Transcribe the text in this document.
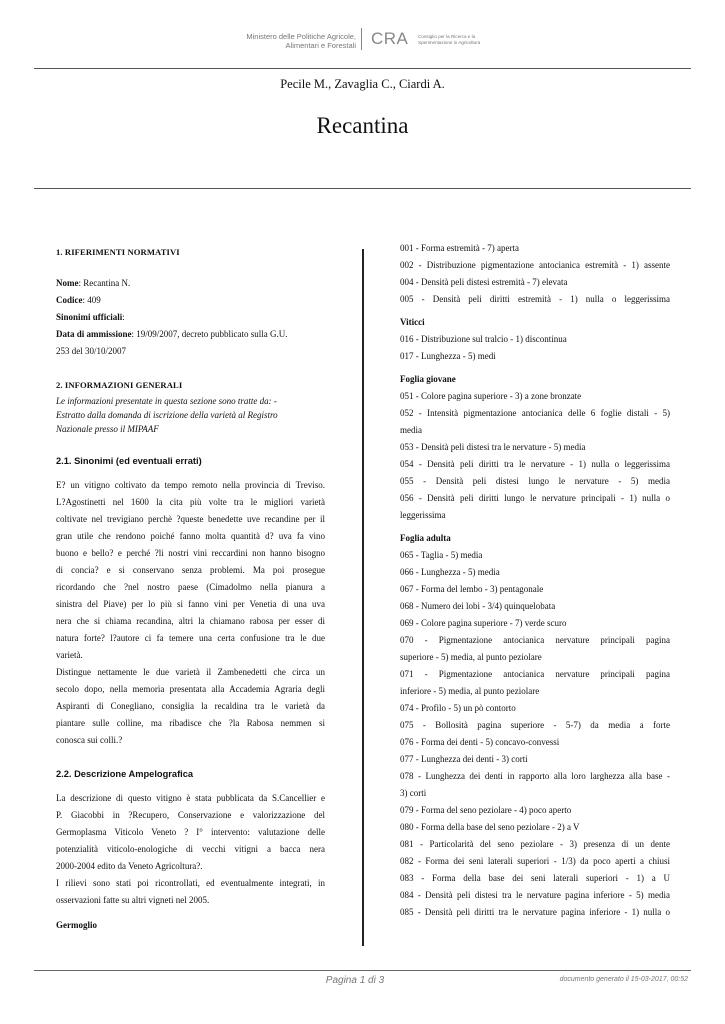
Ministero delle Politiche Agricole,
Alimentari e Forestali CRA Consiglio per la Ricerca e la
Sperimentazione in Agricoltura
Pecile M., Zavaglia C., Ciardi A.
Recantina
1. RIFERIMENTI NORMATIVI

Nome: Recantina N.

Codice: 409

Sinonimi ufficiali:

Data di ammissione: 19/09/2007, decreto pubblicato sulla G.U.

253 del 30/10/2007

2. INFORMAZIONI GENERALI
Le informazioni presentate in questa sezione sono tratte da: -
Estratto dalla domanda di iscrizione della varietà al Registro
Nazionale presso il MIPAAF
2.1. Sinonimi (ed eventuali errati)
E? un vitigno coltivato da tempo remoto nella provincia di Treviso.
L?Agostinetti nel 1600 la cita più volte tra le migliori varietà
coltivate nel trevigiano perchè ?queste benedette uve recandine per il
gran utile che rendono poiché fanno molta quantità d? uva fa vino
buono e bello? e perché ?li nostri vini reccardini non hanno bisogno
di concia? e si conservano senza problemi. Ma poi prosegue
ricordando che ?nel nostro paese (Cimadolmo nella pianura a
sinistra del Piave) per lo più si fanno vini per Venetia di una uva
nera che si chiama recandina, altri la chiamano rabosa per esser di
natura forte? l?autore ci fa temere una certa confusione tra le due
varietà.
Distingue nettamente le due varietà il Zambenedetti che circa un
secolo dopo, nella memoria presentata alla Accademia Agraria degli
Aspiranti di Conegliano, consiglia la recaldina tra le varietà da
piantare sulle colline, ma ribadisce che ?la Rabosa nemmen si
conosca sui colli.?
2.2. Descrizione Ampelografica
La descrizione di questo vitigno è stata pubblicata da S.Cancellier e
P. Giacobbi in ?Recupero, Conservazione e valorizzazione del
Germoplasma Viticolo Veneto ? I° intervento: valutazione delle
potenzialità viticolo-enologiche di vecchi vitigni a bacca nera
2000-2004 edito da Veneto Agricoltura?.
I rilievi sono stati poi ricontrollati, ed eventualmente integrati, in
osservazioni fatte su altri vigneti nel 2005.
Germoglio
001 - Forma estremità - 7) aperta
002 - Distribuzione pigmentazione antocianica estremità - 1) assente
004 - Densità peli distesi estremità - 7) elevata
005 - Densità peli diritti estremità - 1) nulla o leggerissima
Viticci
016 - Distribuzione sul tralcio - 1) discontinua
017 - Lunghezza - 5) medi
Foglia giovane
051 - Colore pagina superiore - 3) a zone bronzate
052 - Intensità pigmentazione antocianica delle 6 foglie distali - 5)
media
053 - Densità peli distesi tra le nervature - 5) media
054 - Densità peli diritti tra le nervature - 1) nulla o leggerissima
055 - Densità peli distesi lungo le nervature - 5) media
056 - Densità peli diritti lungo le nervature principali - 1) nulla o
leggerissima
Foglia adulta
065 - Taglia - 5) media
066 - Lunghezza - 5) media
067 - Forma del lembo - 3) pentagonale
068 - Numero dei lobi - 3/4) quinquelobata
069 - Colore pagina superiore - 7) verde scuro
070 - Pigmentazione antocianica nervature principali pagina
superiore - 5) media, al punto peziolare
071 - Pigmentazione antocianica nervature principali pagina
inferiore - 5) media, al punto peziolare
074 - Profilo - 5) un pò contorto
075 - Bollosità pagina superiore - 5-7) da media a forte
076 - Forma dei denti - 5) concavo-convessi
077 - Lunghezza dei denti - 3) corti
078 - Lunghezza dei denti in rapporto alla loro larghezza alla base -
3) corti
079 - Forma del seno peziolare - 4) poco aperto
080 - Forma della base del seno peziolare - 2) a V
081 - Particolarità del seno peziolare - 3) presenza di un dente
082 - Forma dei seni laterali superiori - 1/3) da poco aperti a chiusi
083 - Forma della base dei seni laterali superiori - 1) a U
084 - Densità peli distesi tra le nervature pagina inferiore - 5) media
085 - Densità peli diritti tra le nervature pagina inferiore - 1) nulla o
Pagina 1 di 3	documento generato il 15-03-2017, 00:52
